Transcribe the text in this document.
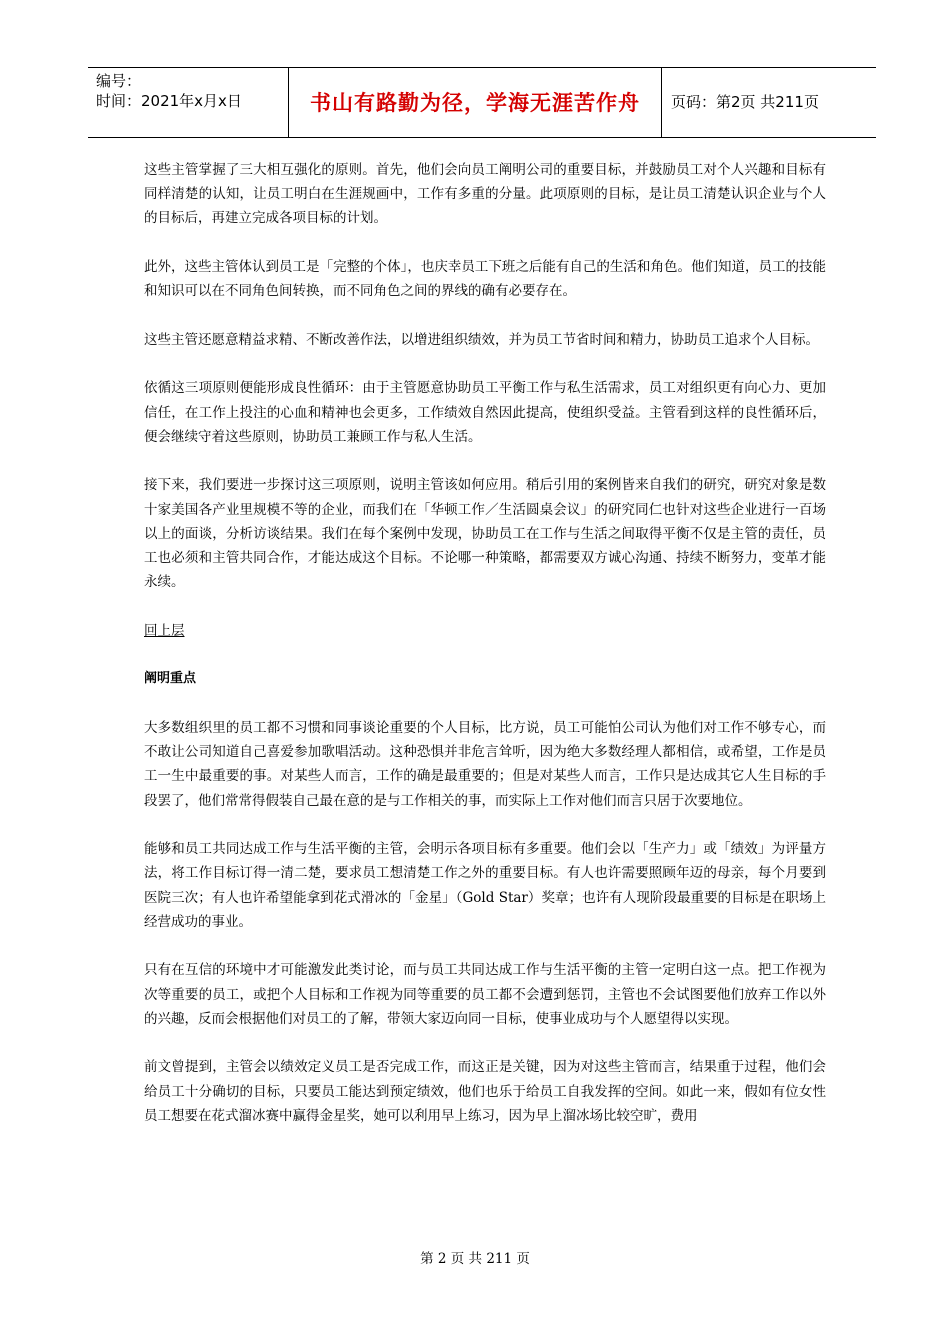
编号：
时间：2021年x月x日	书山有路勤为径，学海无涯苦作舟	页码：第2页 共211页

这些主管掌握了三大相互强化的原则。首先，他们会向员工阐明公司的重要目标，并鼓励员工对个人兴趣和目标有同样清楚的认知，让员工明白在生涯规画中，工作有多重的分量。此项原则的目标，是让员工清楚认识企业与个人的目标后，再建立完成各项目标的计划。

此外，这些主管体认到员工是「完整的个体」，也庆幸员工下班之后能有自己的生活和角色。他们知道，员工的技能和知识可以在不同角色间转换，而不同角色之间的界线的确有必要存在。

这些主管还愿意精益求精、不断改善作法，以增进组织绩效，并为员工节省时间和精力，协助员工追求个人目标。

依循这三项原则便能形成良性循环：由于主管愿意协助员工平衡工作与私生活需求，员工对组织更有向心力、更加信任，在工作上投注的心血和精神也会更多，工作绩效自然因此提高，使组织受益。主管看到这样的良性循环后，便会继续守着这些原则，协助员工兼顾工作与私人生活。

接下来，我们要进一步探讨这三项原则，说明主管该如何应用。稍后引用的案例皆来自我们的研究，研究对象是数十家美国各产业里规模不等的企业，而我们在「华顿工作／生活圆桌会议」的研究同仁也针对这些企业进行一百场以上的面谈，分析访谈结果。我们在每个案例中发现，协助员工在工作与生活之间取得平衡不仅是主管的责任，员工也必须和主管共同合作，才能达成这个目标。不论哪一种策略，都需要双方诚心沟通、持续不断努力，变革才能永续。

回上层

阐明重点

大多数组织里的员工都不习惯和同事谈论重要的个人目标，比方说，员工可能怕公司认为他们对工作不够专心，而不敢让公司知道自己喜爱参加歌唱活动。这种恐惧并非危言耸听，因为绝大多数经理人都相信，或希望，工作是员工一生中最重要的事。对某些人而言，工作的确是最重要的；但是对某些人而言，工作只是达成其它人生目标的手段罢了，他们常常得假装自己最在意的是与工作相关的事，而实际上工作对他们而言只居于次要地位。

能够和员工共同达成工作与生活平衡的主管，会明示各项目标有多重要。他们会以「生产力」或「绩效」为评量方法，将工作目标订得一清二楚，要求员工想清楚工作之外的重要目标。有人也许需要照顾年迈的母亲，每个月要到医院三次；有人也许希望能拿到花式滑冰的「金星」（Gold Star）奖章；也许有人现阶段最重要的目标是在职场上经营成功的事业。

只有在互信的环境中才可能激发此类讨论，而与员工共同达成工作与生活平衡的主管一定明白这一点。把工作视为次等重要的员工，或把个人目标和工作视为同等重要的员工都不会遭到惩罚，主管也不会试图要他们放弃工作以外的兴趣，反而会根据他们对员工的了解，带领大家迈向同一目标，使事业成功与个人愿望得以实现。

前文曾提到，主管会以绩效定义员工是否完成工作，而这正是关键，因为对这些主管而言，结果重于过程，他们会给员工十分确切的目标，只要员工能达到预定绩效，他们也乐于给员工自我发挥的空间。如此一来，假如有位女性员工想要在花式溜冰赛中赢得金星奖，她可以利用早上练习，因为早上溜冰场比较空旷，费用

第 2 页 共 211 页
